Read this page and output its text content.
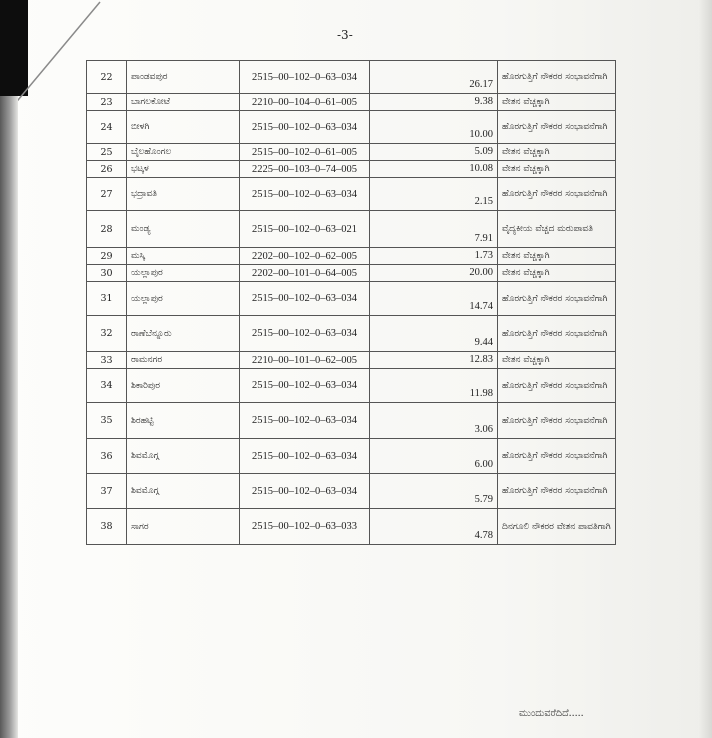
-3-
22	ಪಾಂಡವಪುರ	2515–00–102–0–63–034	26.17	ಹೊರಗುತ್ತಿಗೆ ನೌಕರರ ಸಂಭಾವನೆಗಾಗಿ
23	ಬಾಗಲಕೋಟೆ	2210–00–104–0–61–005	9.38	ವೇತನ ವೆಚ್ಚಕ್ಕಾಗಿ
24	ಬೀಳಗಿ	2515–00–102–0–63–034	10.00	ಹೊರಗುತ್ತಿಗೆ ನೌಕರರ ಸಂಭಾವನೆಗಾಗಿ
25	ಬೈಲಹೊಂಗಲ	2515–00–102–0–61–005	5.09	ವೇತನ ವೆಚ್ಚಕ್ಕಾಗಿ
26	ಭಟ್ಕಳ	2225–00–103–0–74–005	10.08	ವೇತನ ವೆಚ್ಚಕ್ಕಾಗಿ
27	ಭದ್ರಾವತಿ	2515–00–102–0–63–034	2.15	ಹೊರಗುತ್ತಿಗೆ ನೌಕರರ ಸಂಭಾವನೆಗಾಗಿ
28	ಮಂಡ್ಯ	2515–00–102–0–63–021	7.91	ವೈದ್ಯಕೀಯ ವೆಚ್ಚದ ಮರುಪಾವತಿ
29	ಮಸ್ಕಿ	2202–00–102–0–62–005	1.73	ವೇತನ ವೆಚ್ಚಕ್ಕಾಗಿ
30	ಯಲ್ಲಾಪುರ	2202–00–101–0–64–005	20.00	ವೇತನ ವೆಚ್ಚಕ್ಕಾಗಿ
31	ಯಲ್ಲಾಪುರ	2515–00–102–0–63–034	14.74	ಹೊರಗುತ್ತಿಗೆ ನೌಕರರ ಸಂಭಾವನೆಗಾಗಿ
32	ರಾಣೆಬೆನ್ನೂರು	2515–00–102–0–63–034	9.44	ಹೊರಗುತ್ತಿಗೆ ನೌಕರರ ಸಂಭಾವನೆಗಾಗಿ
33	ರಾಮನಗರ	2210–00–101–0–62–005	12.83	ವೇತನ ವೆಚ್ಚಕ್ಕಾಗಿ
34	ಶಿಕಾರಿಪುರ	2515–00–102–0–63–034	11.98	ಹೊರಗುತ್ತಿಗೆ ನೌಕರರ ಸಂಭಾವನೆಗಾಗಿ
35	ಶಿರಹಟ್ಟಿ	2515–00–102–0–63–034	3.06	ಹೊರಗುತ್ತಿಗೆ ನೌಕರರ ಸಂಭಾವನೆಗಾಗಿ
36	ಶಿವಮೊಗ್ಗ	2515–00–102–0–63–034	6.00	ಹೊರಗುತ್ತಿಗೆ ನೌಕರರ ಸಂಭಾವನೆಗಾಗಿ
37	ಶಿವಮೊಗ್ಗ	2515–00–102–0–63–034	5.79	ಹೊರಗುತ್ತಿಗೆ ನೌಕರರ ಸಂಭಾವನೆಗಾಗಿ
38	ಸಾಗರ	2515–00–102–0–63–033	4.78	ದಿನಗೂಲಿ ನೌಕರರ ವೇತನ ಪಾವತಿಗಾಗಿ
ಮುಂದುವರೆದಿದೆ.....
